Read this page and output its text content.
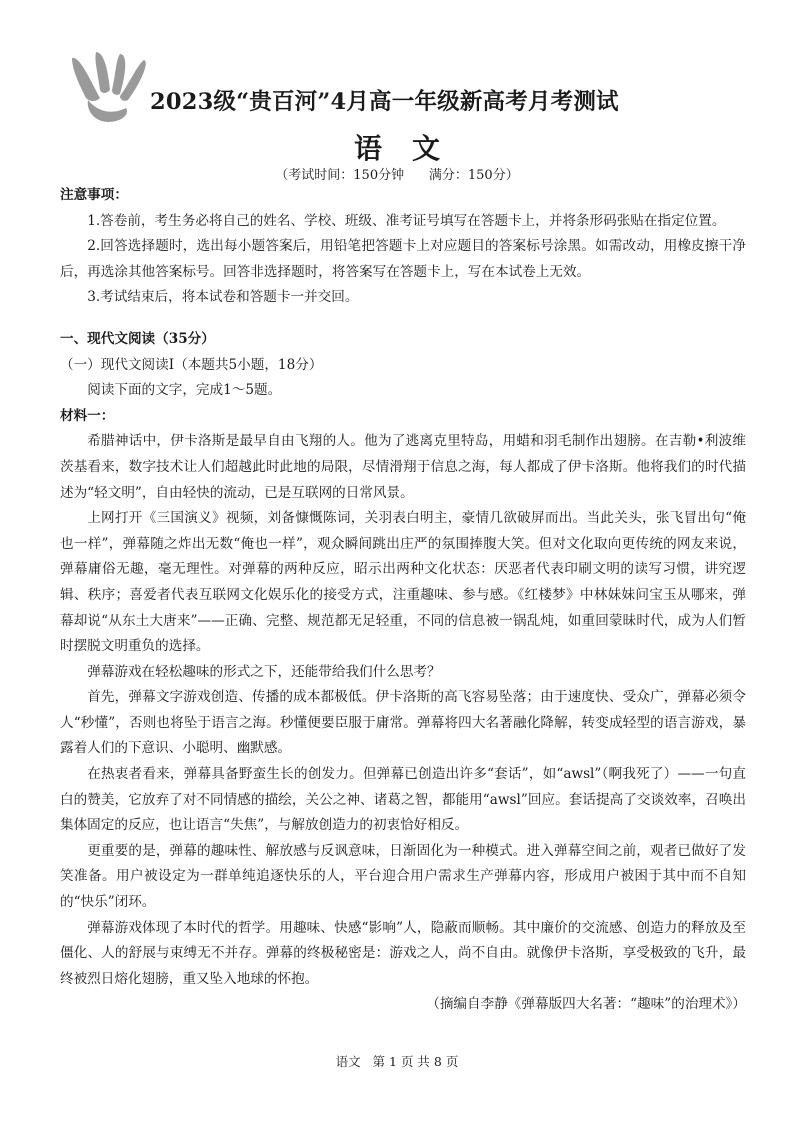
2023级“贵百河”4月高一年级新高考月考测试
语文
（考试时间：150分钟      满分：150分）
注意事项：
1.答卷前，考生务必将自己的姓名、学校、班级、准考证号填写在答题卡上，并将条形码张贴在指定位置。
2.回答选择题时，选出每小题答案后，用铅笔把答题卡上对应题目的答案标号涂黑。如需改动，用橡皮擦干净后，再选涂其他答案标号。回答非选择题时，将答案写在答题卡上，写在本试卷上无效。
3.考试结束后，将本试卷和答题卡一并交回。
一、现代文阅读（35分）
（一）现代文阅读Ⅰ（本题共5小题，18分）
阅读下面的文字，完成1～5题。
材料一：
希腊神话中，伊卡洛斯是最早自由飞翔的人。他为了逃离克里特岛，用蜡和羽毛制作出翅膀。在吉勒•利波维茨基看来，数字技术让人们超越此时此地的局限，尽情滑翔于信息之海，每人都成了伊卡洛斯。他将我们的时代描述为“轻文明”，自由轻快的流动，已是互联网的日常风景。
上网打开《三国演义》视频，刘备慷慨陈词，关羽表白明主，豪情几欲破屏而出。当此关头，张飞冒出句“俺也一样”，弹幕随之炸出无数“俺也一样”，观众瞬间跳出庄严的氛围捧腹大笑。但对文化取向更传统的网友来说，弹幕庸俗无趣，毫无理性。对弹幕的两种反应，昭示出两种文化状态：厌恶者代表印刷文明的读写习惯，讲究逻辑、秩序；喜爱者代表互联网文化娱乐化的接受方式，注重趣味、参与感。《红楼梦》中林妹妹问宝玉从哪来，弹幕却说“从东土大唐来”——正确、完整、规范都无足轻重，不同的信息被一锅乱炖，如重回蒙昧时代，成为人们暂时摆脱文明重负的选择。
弹幕游戏在轻松趣味的形式之下，还能带给我们什么思考？
首先，弹幕文字游戏创造、传播的成本都极低。伊卡洛斯的高飞容易坠落；由于速度快、受众广，弹幕必须令人“秒懂”，否则也将坠于语言之海。秒懂便要臣服于庸常。弹幕将四大名著融化降解，转变成轻型的语言游戏，暴露着人们的下意识、小聪明、幽默感。
在热衷者看来，弹幕具备野蛮生长的创发力。但弹幕已创造出许多“套话”，如“awsl”（啊我死了）——一句直白的赞美，它放弃了对不同情感的描绘，关公之神、诸葛之智，都能用“awsl”回应。套话提高了交谈效率，召唤出集体固定的反应，也让语言“失焦”，与解放创造力的初衷恰好相反。
更重要的是，弹幕的趣味性、解放感与反讽意味，日渐固化为一种模式。进入弹幕空间之前，观者已做好了发笑准备。用户被设定为一群单纯追逐快乐的人，平台迎合用户需求生产弹幕内容，形成用户被困于其中而不自知的“快乐”闭环。
弹幕游戏体现了本时代的哲学。用趣味、快感“影响”人，隐蔽而顺畅。其中廉价的交流感、创造力的释放及至僵化、人的舒展与束缚无不并存。弹幕的终极秘密是：游戏之人，尚不自由。就像伊卡洛斯，享受极致的飞升，最终被烈日熔化翅膀，重又坠入地球的怀抱。
（摘编自李静《弹幕版四大名著：“趣味”的治理术》）
语文   第 1 页 共 8 页
